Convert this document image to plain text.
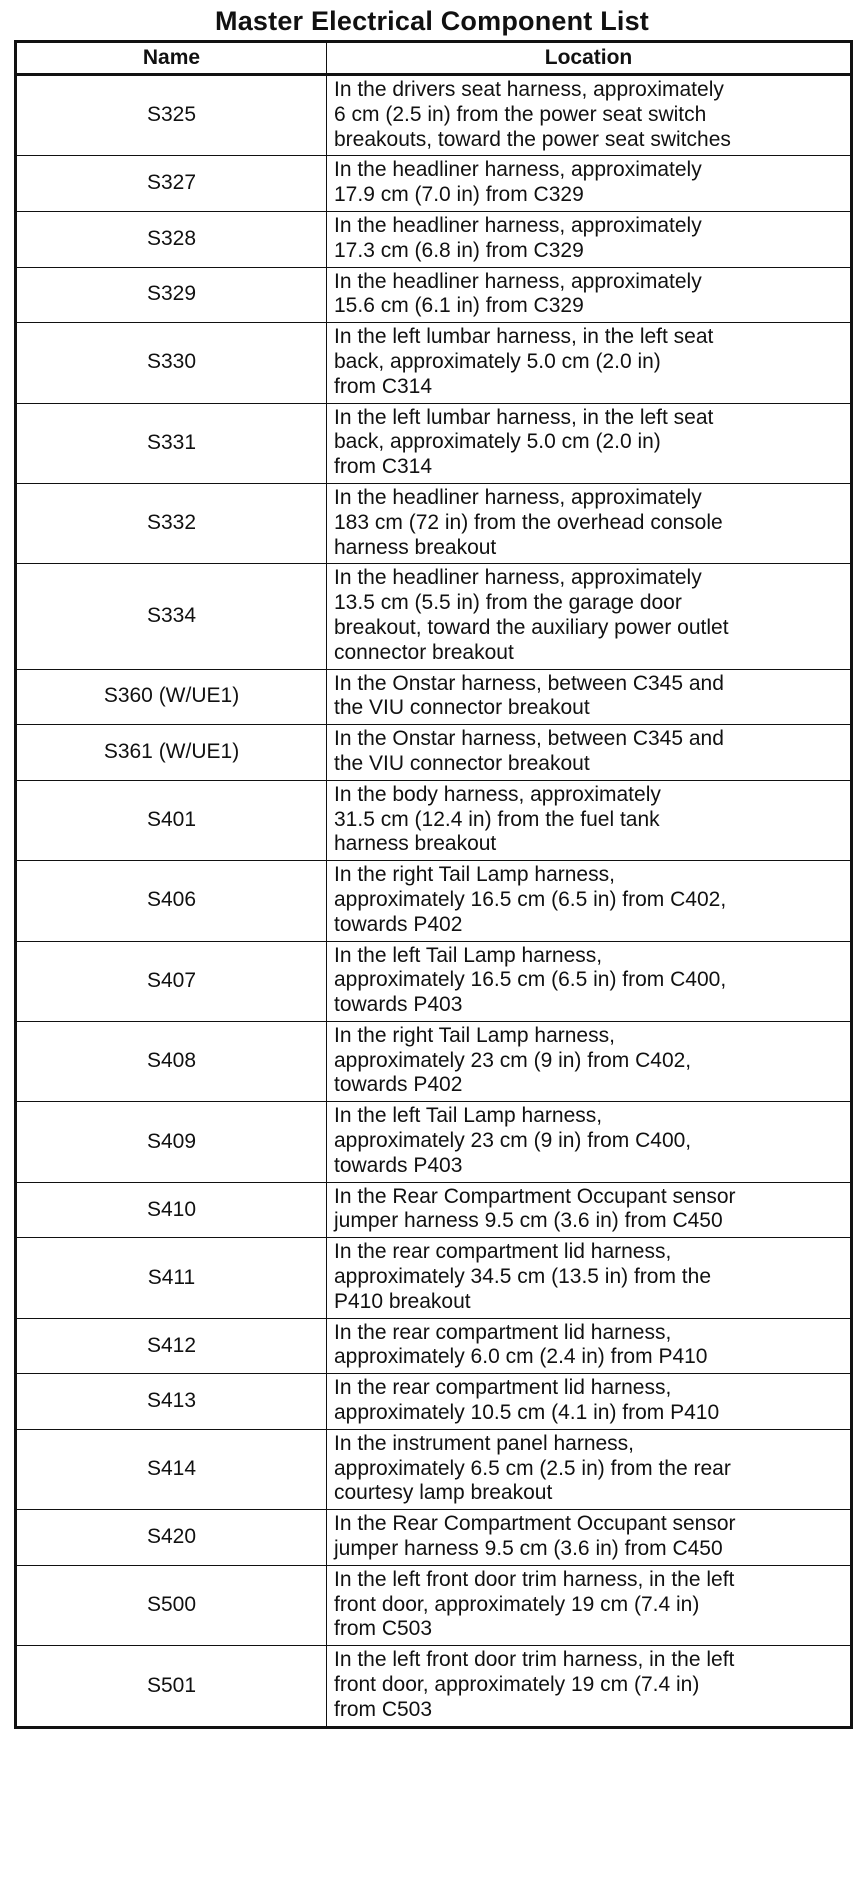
Master Electrical Component List
Name	Location
S325	In the drivers seat harness, approximately
6 cm (2.5 in) from the power seat switch
breakouts, toward the power seat switches
S327	In the headliner harness, approximately
17.9 cm (7.0 in) from C329
S328	In the headliner harness, approximately
17.3 cm (6.8 in) from C329
S329	In the headliner harness, approximately
15.6 cm (6.1 in) from C329
S330	In the left lumbar harness, in the left seat
back, approximately 5.0 cm (2.0 in)
from C314
S331	In the left lumbar harness, in the left seat
back, approximately 5.0 cm (2.0 in)
from C314
S332	In the headliner harness, approximately
183 cm (72 in) from the overhead console
harness breakout
S334	In the headliner harness, approximately
13.5 cm (5.5 in) from the garage door
breakout, toward the auxiliary power outlet
connector breakout
S360 (W/UE1)	In the Onstar harness, between C345 and
the VIU connector breakout
S361 (W/UE1)	In the Onstar harness, between C345 and
the VIU connector breakout
S401	In the body harness, approximately
31.5 cm (12.4 in) from the fuel tank
harness breakout
S406	In the right Tail Lamp harness,
approximately 16.5 cm (6.5 in) from C402,
towards P402
S407	In the left Tail Lamp harness,
approximately 16.5 cm (6.5 in) from C400,
towards P403
S408	In the right Tail Lamp harness,
approximately 23 cm (9 in) from C402,
towards P402
S409	In the left Tail Lamp harness,
approximately 23 cm (9 in) from C400,
towards P403
S410	In the Rear Compartment Occupant sensor
jumper harness 9.5 cm (3.6 in) from C450
S411	In the rear compartment lid harness,
approximately 34.5 cm (13.5 in) from the
P410 breakout
S412	In the rear compartment lid harness,
approximately 6.0 cm (2.4 in) from P410
S413	In the rear compartment lid harness,
approximately 10.5 cm (4.1 in) from P410
S414	In the instrument panel harness,
approximately 6.5 cm (2.5 in) from the rear
courtesy lamp breakout
S420	In the Rear Compartment Occupant sensor
jumper harness 9.5 cm (3.6 in) from C450
S500	In the left front door trim harness, in the left
front door, approximately 19 cm (7.4 in)
from C503
S501	In the left front door trim harness, in the left
front door, approximately 19 cm (7.4 in)
from C503
